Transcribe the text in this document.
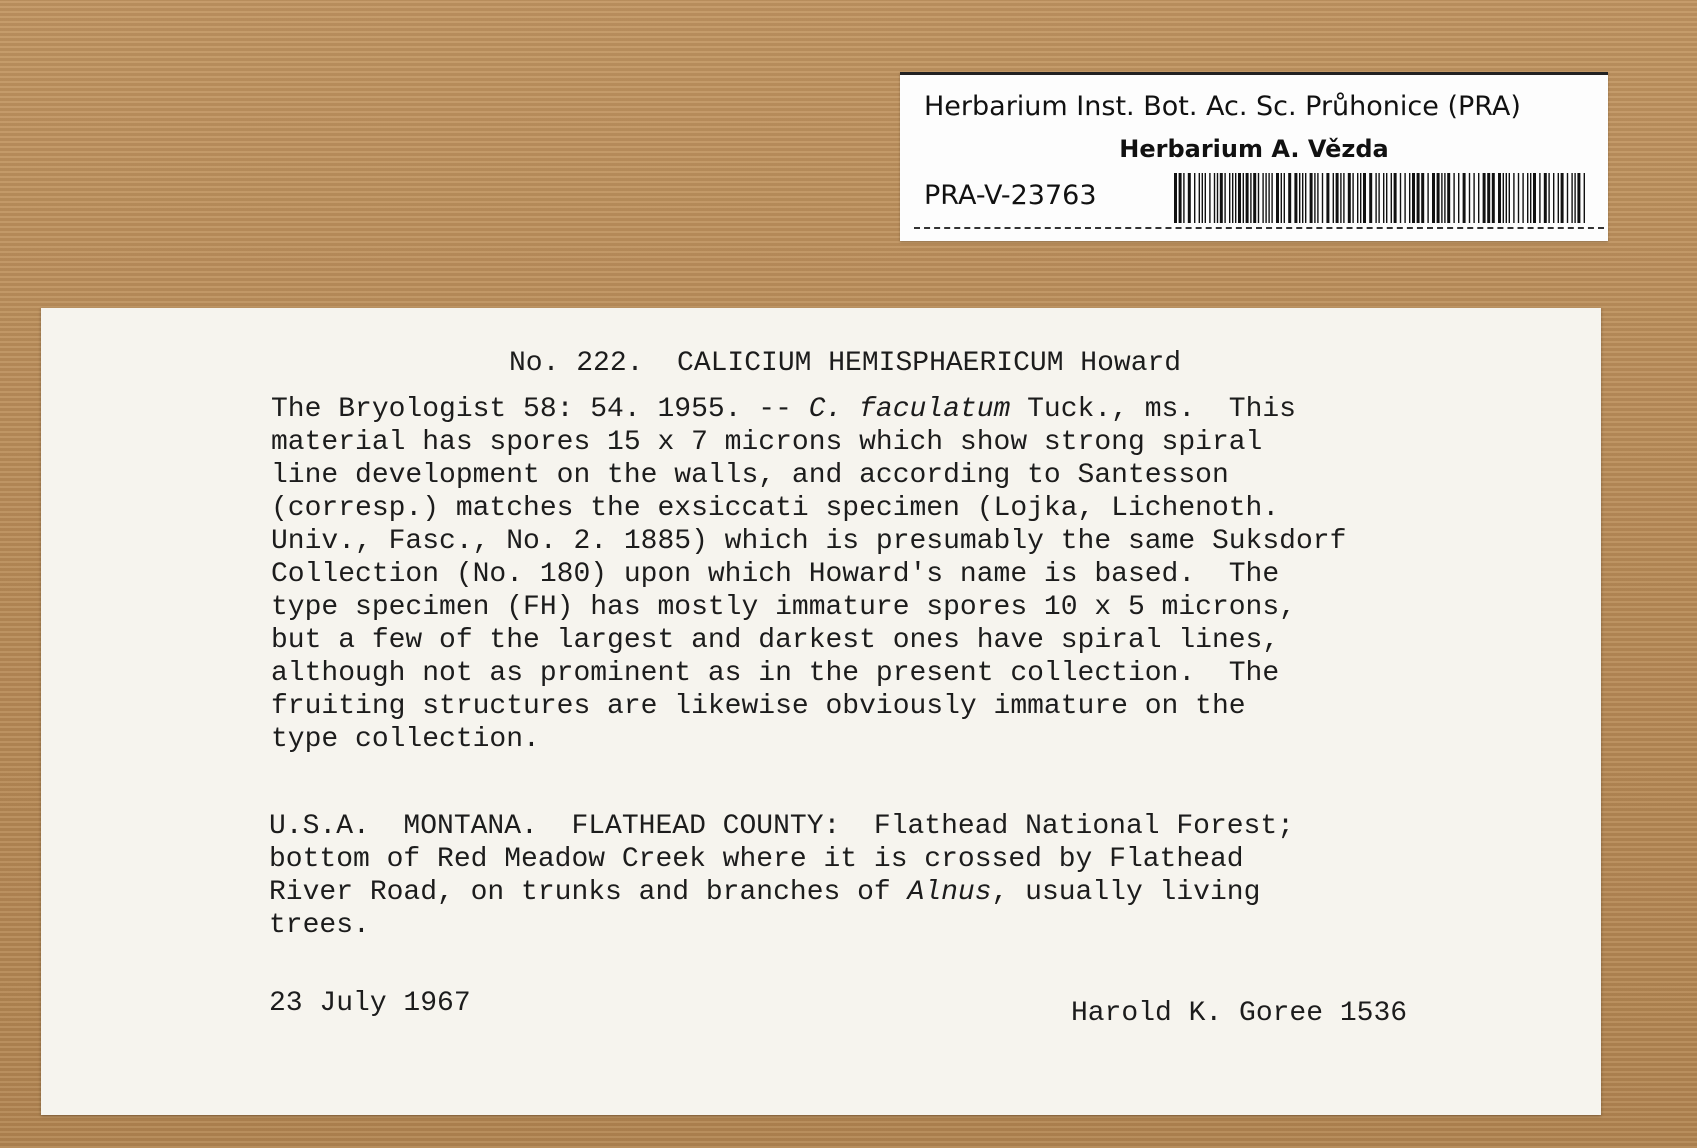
Herbarium Inst. Bot. Ac. Sc. Průhonice (PRA)
Herbarium A. Vězda
PRA-V-23763
No. 222.  CALICIUM HEMISPHAERICUM Howard
The Bryologist 58: 54. 1955. -- C. faculatum Tuck., ms.  This
material has spores 15 x 7 microns which show strong spiral
line development on the walls, and according to Santesson
(corresp.) matches the exsiccati specimen (Lojka, Lichenoth.
Univ., Fasc., No. 2. 1885) which is presumably the same Suksdorf
Collection (No. 180) upon which Howard's name is based.  The
type specimen (FH) has mostly immature spores 10 x 5 microns,
but a few of the largest and darkest ones have spiral lines,
although not as prominent as in the present collection.  The
fruiting structures are likewise obviously immature on the
type collection.
U.S.A.  MONTANA.  FLATHEAD COUNTY:  Flathead National Forest;
bottom of Red Meadow Creek where it is crossed by Flathead
River Road, on trunks and branches of Alnus, usually living
trees.
23 July 1967	Harold K. Goree 1536
